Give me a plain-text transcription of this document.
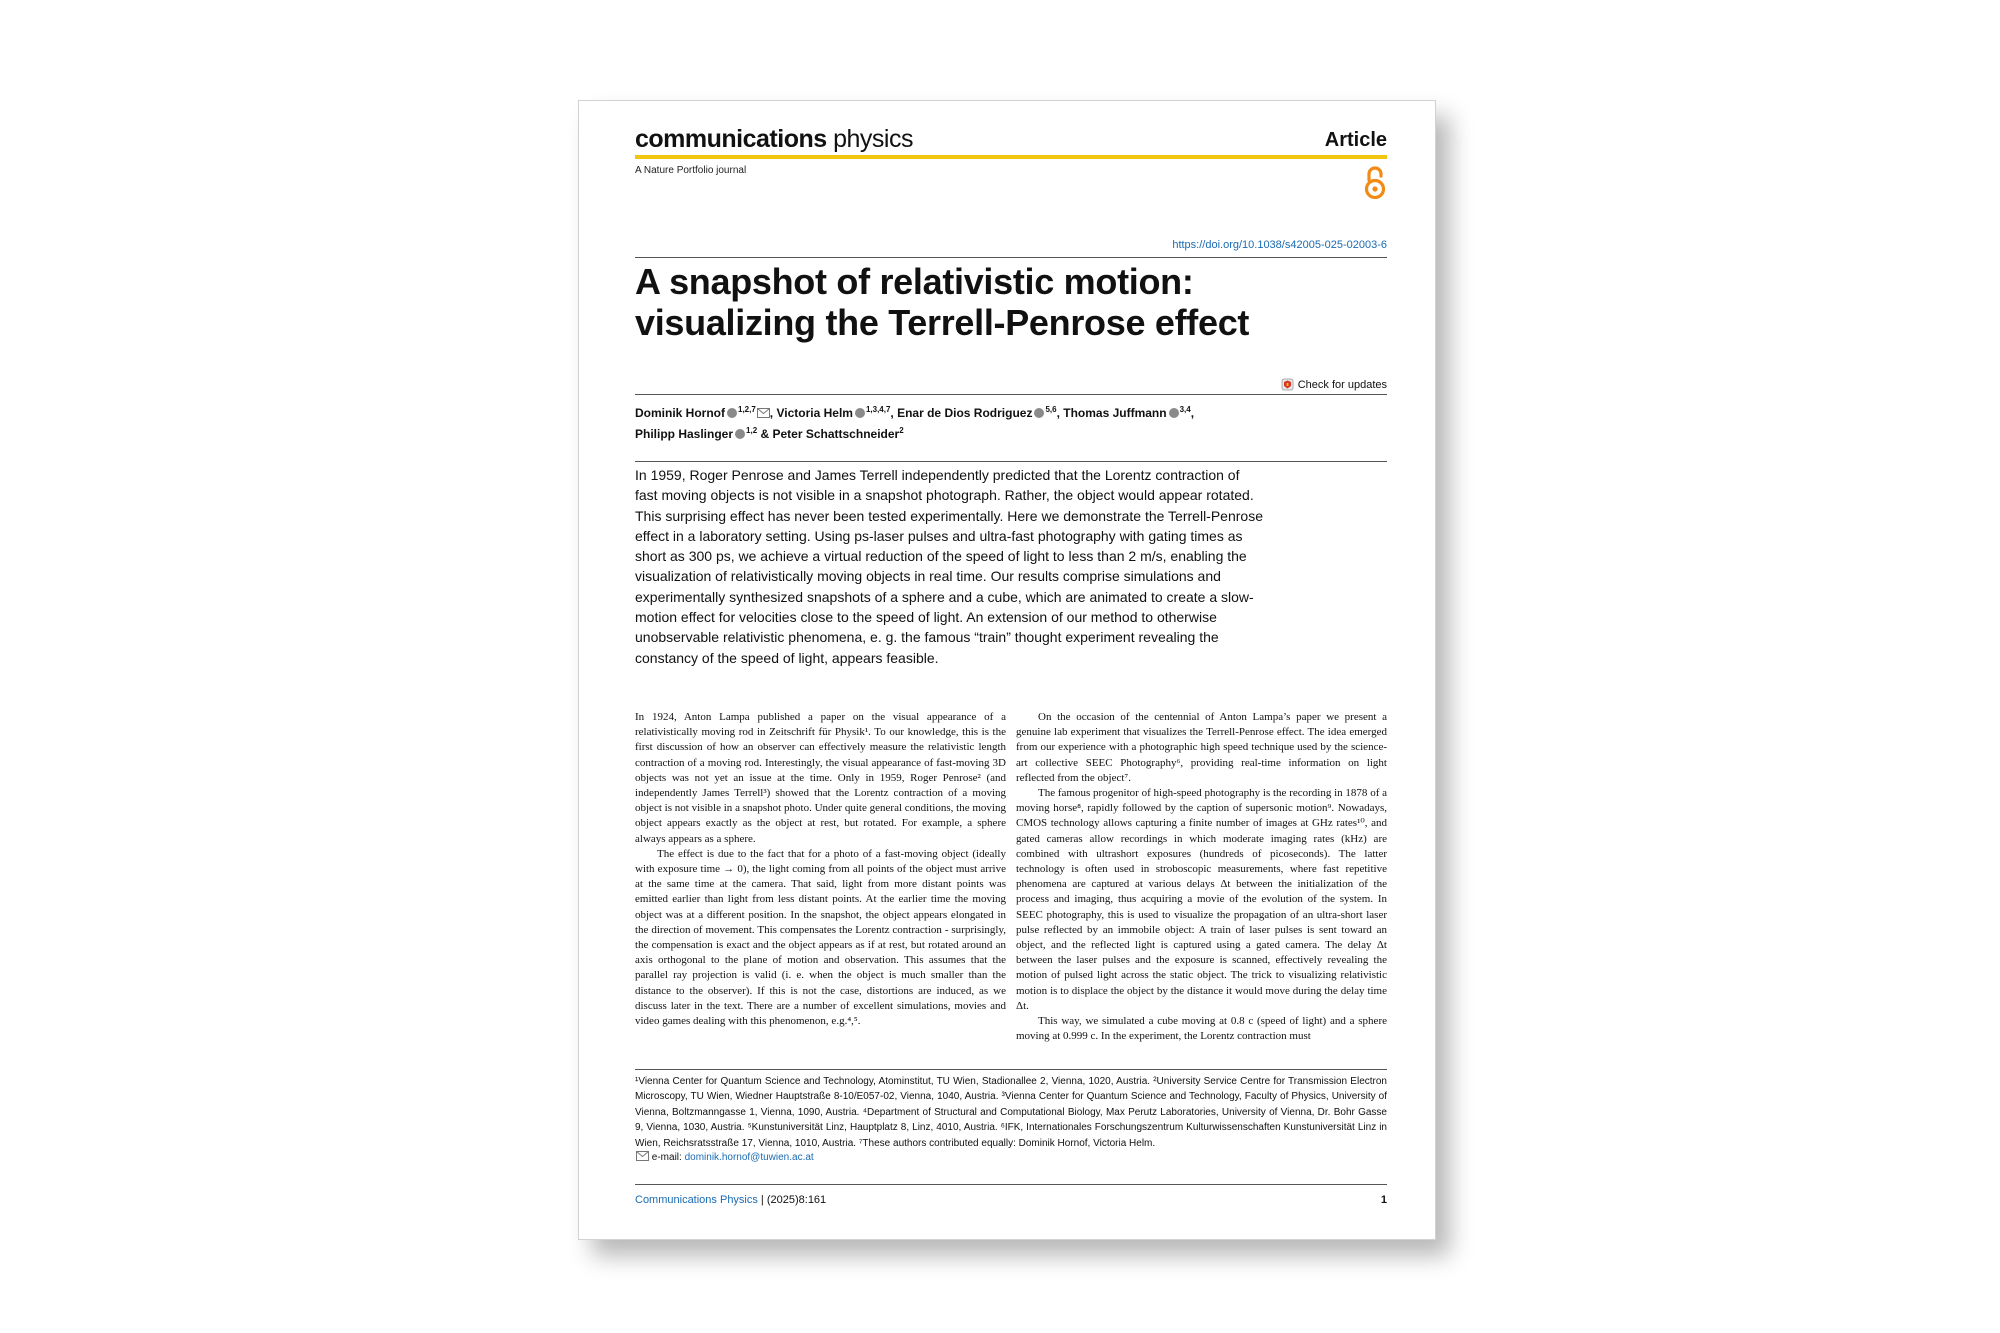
communications physics	Article
A Nature Portfolio journal
https://doi.org/10.1038/s42005-025-02003-6
A snapshot of relativistic motion:
visualizing the Terrell-Penrose effect
Check for updates
Dominik Hornof $^{1,2,7}$ , Victoria Helm $^{1,3,4,7}$, Enar de Dios Rodriguez $^{5,6}$, Thomas Juffmann $^{3,4}$,
Philipp Haslinger $^{1,2}$ & Peter Schattschneider$^2$

In 1959, Roger Penrose and James Terrell independently predicted that the Lorentz contraction of fast moving objects is not visible in a snapshot photograph. Rather, the object would appear rotated. This surprising effect has never been tested experimentally. Here we demonstrate the Terrell-Penrose effect in a laboratory setting. Using ps-laser pulses and ultra-fast photography with gating times as short as 300 ps, we achieve a virtual reduction of the speed of light to less than 2 m/s, enabling the visualization of relativistically moving objects in real time. Our results comprise simulations and experimentally synthesized snapshots of a sphere and a cube, which are animated to create a slow-motion effect for velocities close to the speed of light. An extension of our method to otherwise unobservable relativistic phenomena, e. g. the famous “train” thought experiment revealing the constancy of the speed of light, appears feasible.

In 1924, Anton Lampa published a paper on the visual appearance of a relativistically moving rod in Zeitschrift für Physik¹. To our knowledge, this is the first discussion of how an observer can effectively measure the relativistic length contraction of a moving rod. Interestingly, the visual appearance of fast-moving 3D objects was not yet an issue at the time. Only in 1959, Roger Penrose² (and independently James Terrell³) showed that the Lorentz contraction of a moving object is not visible in a snapshot photo. Under quite general conditions, the moving object appears exactly as the object at rest, but rotated. For example, a sphere always appears as a sphere.

The effect is due to the fact that for a photo of a fast-moving object (ideally with exposure time → 0), the light coming from all points of the object must arrive at the same time at the camera. That said, light from more distant points was emitted earlier than light from less distant points. At the earlier time the moving object was at a different position. In the snapshot, the object appears elongated in the direction of movement. This compensates the Lorentz contraction - surprisingly, the compensation is exact and the object appears as if at rest, but rotated around an axis orthogonal to the plane of motion and observation. This assumes that the parallel ray projection is valid (i. e. when the object is much smaller than the distance to the observer). If this is not the case, distortions are induced, as we discuss later in the text. There are a number of excellent simulations, movies and video games dealing with this phenomenon, e.g.⁴,⁵.

On the occasion of the centennial of Anton Lampa’s paper we present a genuine lab experiment that visualizes the Terrell-Penrose effect. The idea emerged from our experience with a photographic high speed technique used by the science-art collective SEEC Photography⁶, providing real-time information on light reflected from the object⁷.

The famous progenitor of high-speed photography is the recording in 1878 of a moving horse⁸, rapidly followed by the caption of supersonic motion⁹. Nowadays, CMOS technology allows capturing a finite number of images at GHz rates¹⁰, and gated cameras allow recordings in which moderate imaging rates (kHz) are combined with ultrashort exposures (hundreds of picoseconds). The latter technology is often used in stroboscopic measurements, where fast repetitive phenomena are captured at various delays Δt between the initialization of the process and imaging, thus acquiring a movie of the evolution of the system. In SEEC photography, this is used to visualize the propagation of an ultra-short laser pulse reflected by an immobile object: A train of laser pulses is sent toward an object, and the reflected light is captured using a gated camera. The delay Δt between the laser pulses and the exposure is scanned, effectively revealing the motion of pulsed light across the static object. The trick to visualizing relativistic motion is to displace the object by the distance it would move during the delay time Δt.

This way, we simulated a cube moving at 0.8 c (speed of light) and a sphere moving at 0.999 c. In the experiment, the Lorentz contraction must

¹Vienna Center for Quantum Science and Technology, Atominstitut, TU Wien, Stadionallee 2, Vienna, 1020, Austria. ²University Service Centre for Transmission Electron Microscopy, TU Wien, Wiedner Hauptstraße 8-10/E057-02, Vienna, 1040, Austria. ³Vienna Center for Quantum Science and Technology, Faculty of Physics, University of Vienna, Boltzmanngasse 1, Vienna, 1090, Austria. ⁴Department of Structural and Computational Biology, Max Perutz Laboratories, University of Vienna, Dr. Bohr Gasse 9, Vienna, 1030, Austria. ⁵Kunstuniversität Linz, Hauptplatz 8, Linz, 4010, Austria. ⁶IFK, Internationales Forschungszentrum Kulturwissenschaften Kunstuniversität Linz in Wien, Reichsratsstraße 17, Vienna, 1010, Austria. ⁷These authors contributed equally: Dominik Hornof, Victoria Helm.

e-mail: dominik.hornof@tuwien.ac.at
Communications Physics | (2025)8:161	1
